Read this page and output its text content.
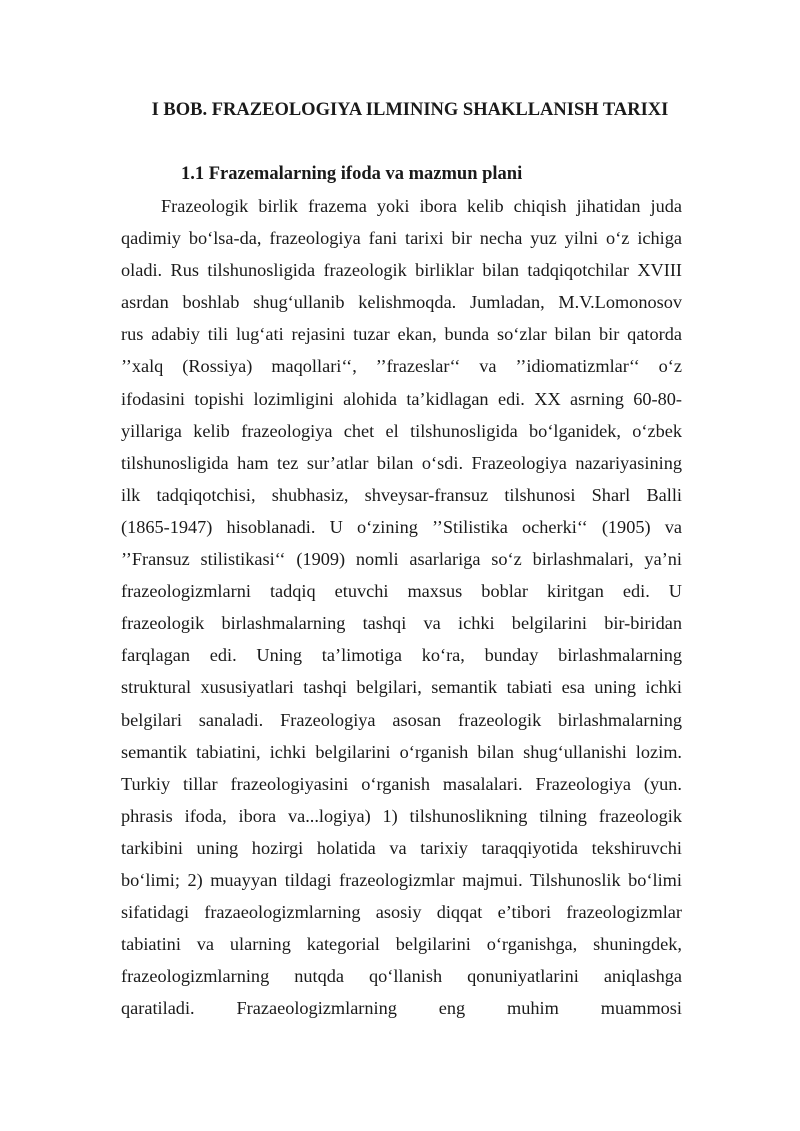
I BOB. FRAZEOLOGIYA ILMINING SHAKLLANISH TARIXI
1.1 Frazemalarning ifoda va mazmun plani
Frazeologik birlik frazema yoki ibora kelib chiqish jihatidan juda
qadimiy bo‘lsa-da, frazeologiya fani tarixi bir necha yuz yilni o‘z ichiga
oladi. Rus tilshunosligida frazeologik birliklar bilan tadqiqotchilar XVIII
asrdan boshlab shug‘ullanib kelishmoqda. Jumladan, M.V.Lomonosov
rus adabiy tili lug‘ati rejasini tuzar ekan, bunda so‘zlar bilan bir qatorda
’’xalq (Rossiya) maqollari‘‘, ’’frazeslar‘‘ va ’’idiomatizmlar‘‘ o‘z
ifodasini topishi lozimligini alohida ta’kidlagan edi. XX asrning 60-80-
yillariga kelib frazeologiya chet el tilshunosligida bo‘lganidek, o‘zbek
tilshunosligida ham tez sur’atlar bilan o‘sdi. Frazeologiya nazariyasining
ilk tadqiqotchisi, shubhasiz, shveysar-fransuz tilshunosi Sharl Balli
(1865-1947) hisoblanadi. U o‘zining ’’Stilistika ocherki‘‘ (1905) va
’’Fransuz stilistikasi‘‘ (1909) nomli asarlariga so‘z birlashmalari, ya’ni
frazeologizmlarni tadqiq etuvchi maxsus boblar kiritgan edi. U
frazeologik birlashmalarning tashqi va ichki belgilarini bir-biridan
farqlagan edi. Uning ta’limotiga ko‘ra, bunday birlashmalarning
struktural xususiyatlari tashqi belgilari, semantik tabiati esa uning ichki
belgilari sanaladi. Frazeologiya asosan frazeologik birlashmalarning
semantik tabiatini, ichki belgilarini o‘rganish bilan shug‘ullanishi lozim.
Turkiy tillar frazeologiyasini o‘rganish masalalari. Frazeologiya (yun.
phrasis ifoda, ibora va...logiya) 1) tilshunoslikning tilning frazeologik
tarkibini uning hozirgi holatida va tarixiy taraqqiyotida tekshiruvchi
bo‘limi; 2) muayyan tildagi frazeologizmlar majmui. Tilshunoslik bo‘limi
sifatidagi frazaeologizmlarning asosiy diqqat e’tibori frazeologizmlar
tabiatini va ularning kategorial belgilarini o‘rganishga, shuningdek,
frazeologizmlarning nutqda qo‘llanish qonuniyatlarini aniqlashga
qaratiladi. Frazaeologizmlarning eng muhim muammosi
